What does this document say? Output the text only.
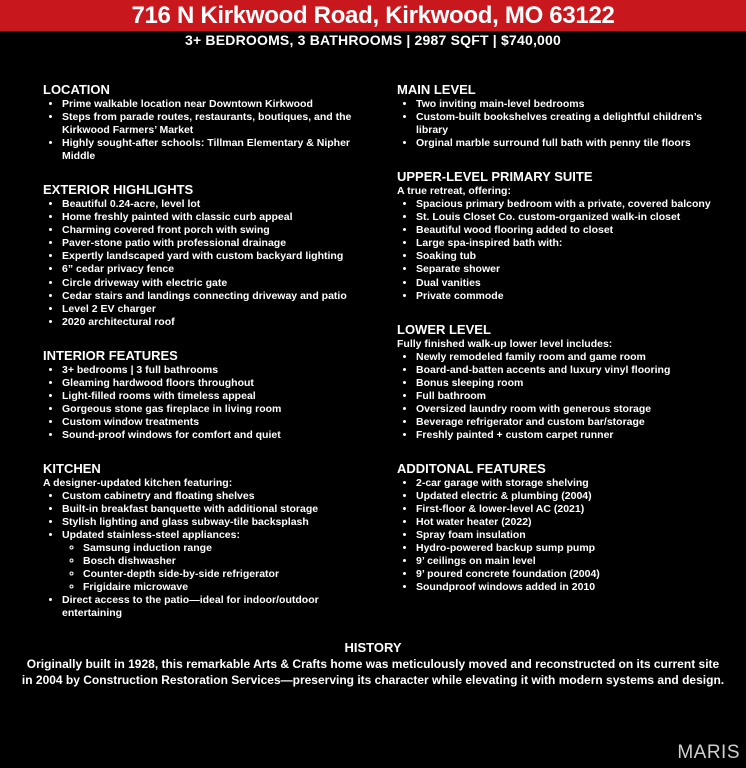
716 N Kirkwood Road, Kirkwood, MO 63122
3+ BEDROOMS, 3 BATHROOMS | 2987 SQFT | $740,000
LOCATION
• Prime walkable location near Downtown Kirkwood
• Steps from parade routes, restaurants, boutiques, and the Kirkwood Farmers’ Market
• Highly sought-after schools: Tillman Elementary & Nipher Middle
EXTERIOR HIGHLIGHTS
• Beautiful 0.24-acre, level lot
• Home freshly painted with classic curb appeal
• Charming covered front porch with swing
• Paver-stone patio with professional drainage
• Expertly landscaped yard with custom backyard lighting
• 6” cedar privacy fence
• Circle driveway with electric gate
• Cedar stairs and landings connecting driveway and patio
• Level 2 EV charger
• 2020 architectural roof
INTERIOR FEATURES
• 3+ bedrooms | 3 full bathrooms
• Gleaming hardwood floors throughout
• Light-filled rooms with timeless appeal
• Gorgeous stone gas fireplace in living room
• Custom window treatments
• Sound-proof windows for comfort and quiet
KITCHEN

A designer-updated kitchen featuring:

• Custom cabinetry and floating shelves
• Built-in breakfast banquette with additional storage
• Stylish lighting and glass subway-tile backsplash
• Updated stainless-steel appliances:
◦ Samsung induction range
◦ Bosch dishwasher
◦ Counter-depth side-by-side refrigerator
◦ Frigidaire microwave
• Direct access to the patio—ideal for indoor/outdoor entertaining
MAIN LEVEL
• Two inviting main-level bedrooms
• Custom-built bookshelves creating a delightful children’s library
• Orginal marble surround full bath with penny tile floors
UPPER-LEVEL PRIMARY SUITE

A true retreat, offering:

• Spacious primary bedroom with a private, covered balcony
• St. Louis Closet Co. custom-organized walk-in closet
• Beautiful wood flooring added to closet
• Large spa-inspired bath with:
• Soaking tub
• Separate shower
• Dual vanities
• Private commode
LOWER LEVEL

Fully finished walk-up lower level includes:

• Newly remodeled family room and game room
• Board-and-batten accents and luxury vinyl flooring
• Bonus sleeping room
• Full bathroom
• Oversized laundry room with generous storage
• Beverage refrigerator and custom bar/storage
• Freshly painted + custom carpet runner
ADDITONAL FEATURES
• 2-car garage with storage shelving
• Updated electric & plumbing (2004)
• First-floor & lower-level AC (2021)
• Hot water heater (2022)
• Spray foam insulation
• Hydro-powered backup sump pump
• 9’ ceilings on main level
• 9’ poured concrete foundation (2004)
• Soundproof windows added in 2010
HISTORY

Originally built in 1928, this remarkable Arts & Crafts home was meticulously moved and reconstructed on its current site in 2004 by Construction Restoration Services—preserving its character while elevating it with modern systems and design.

MARIS
